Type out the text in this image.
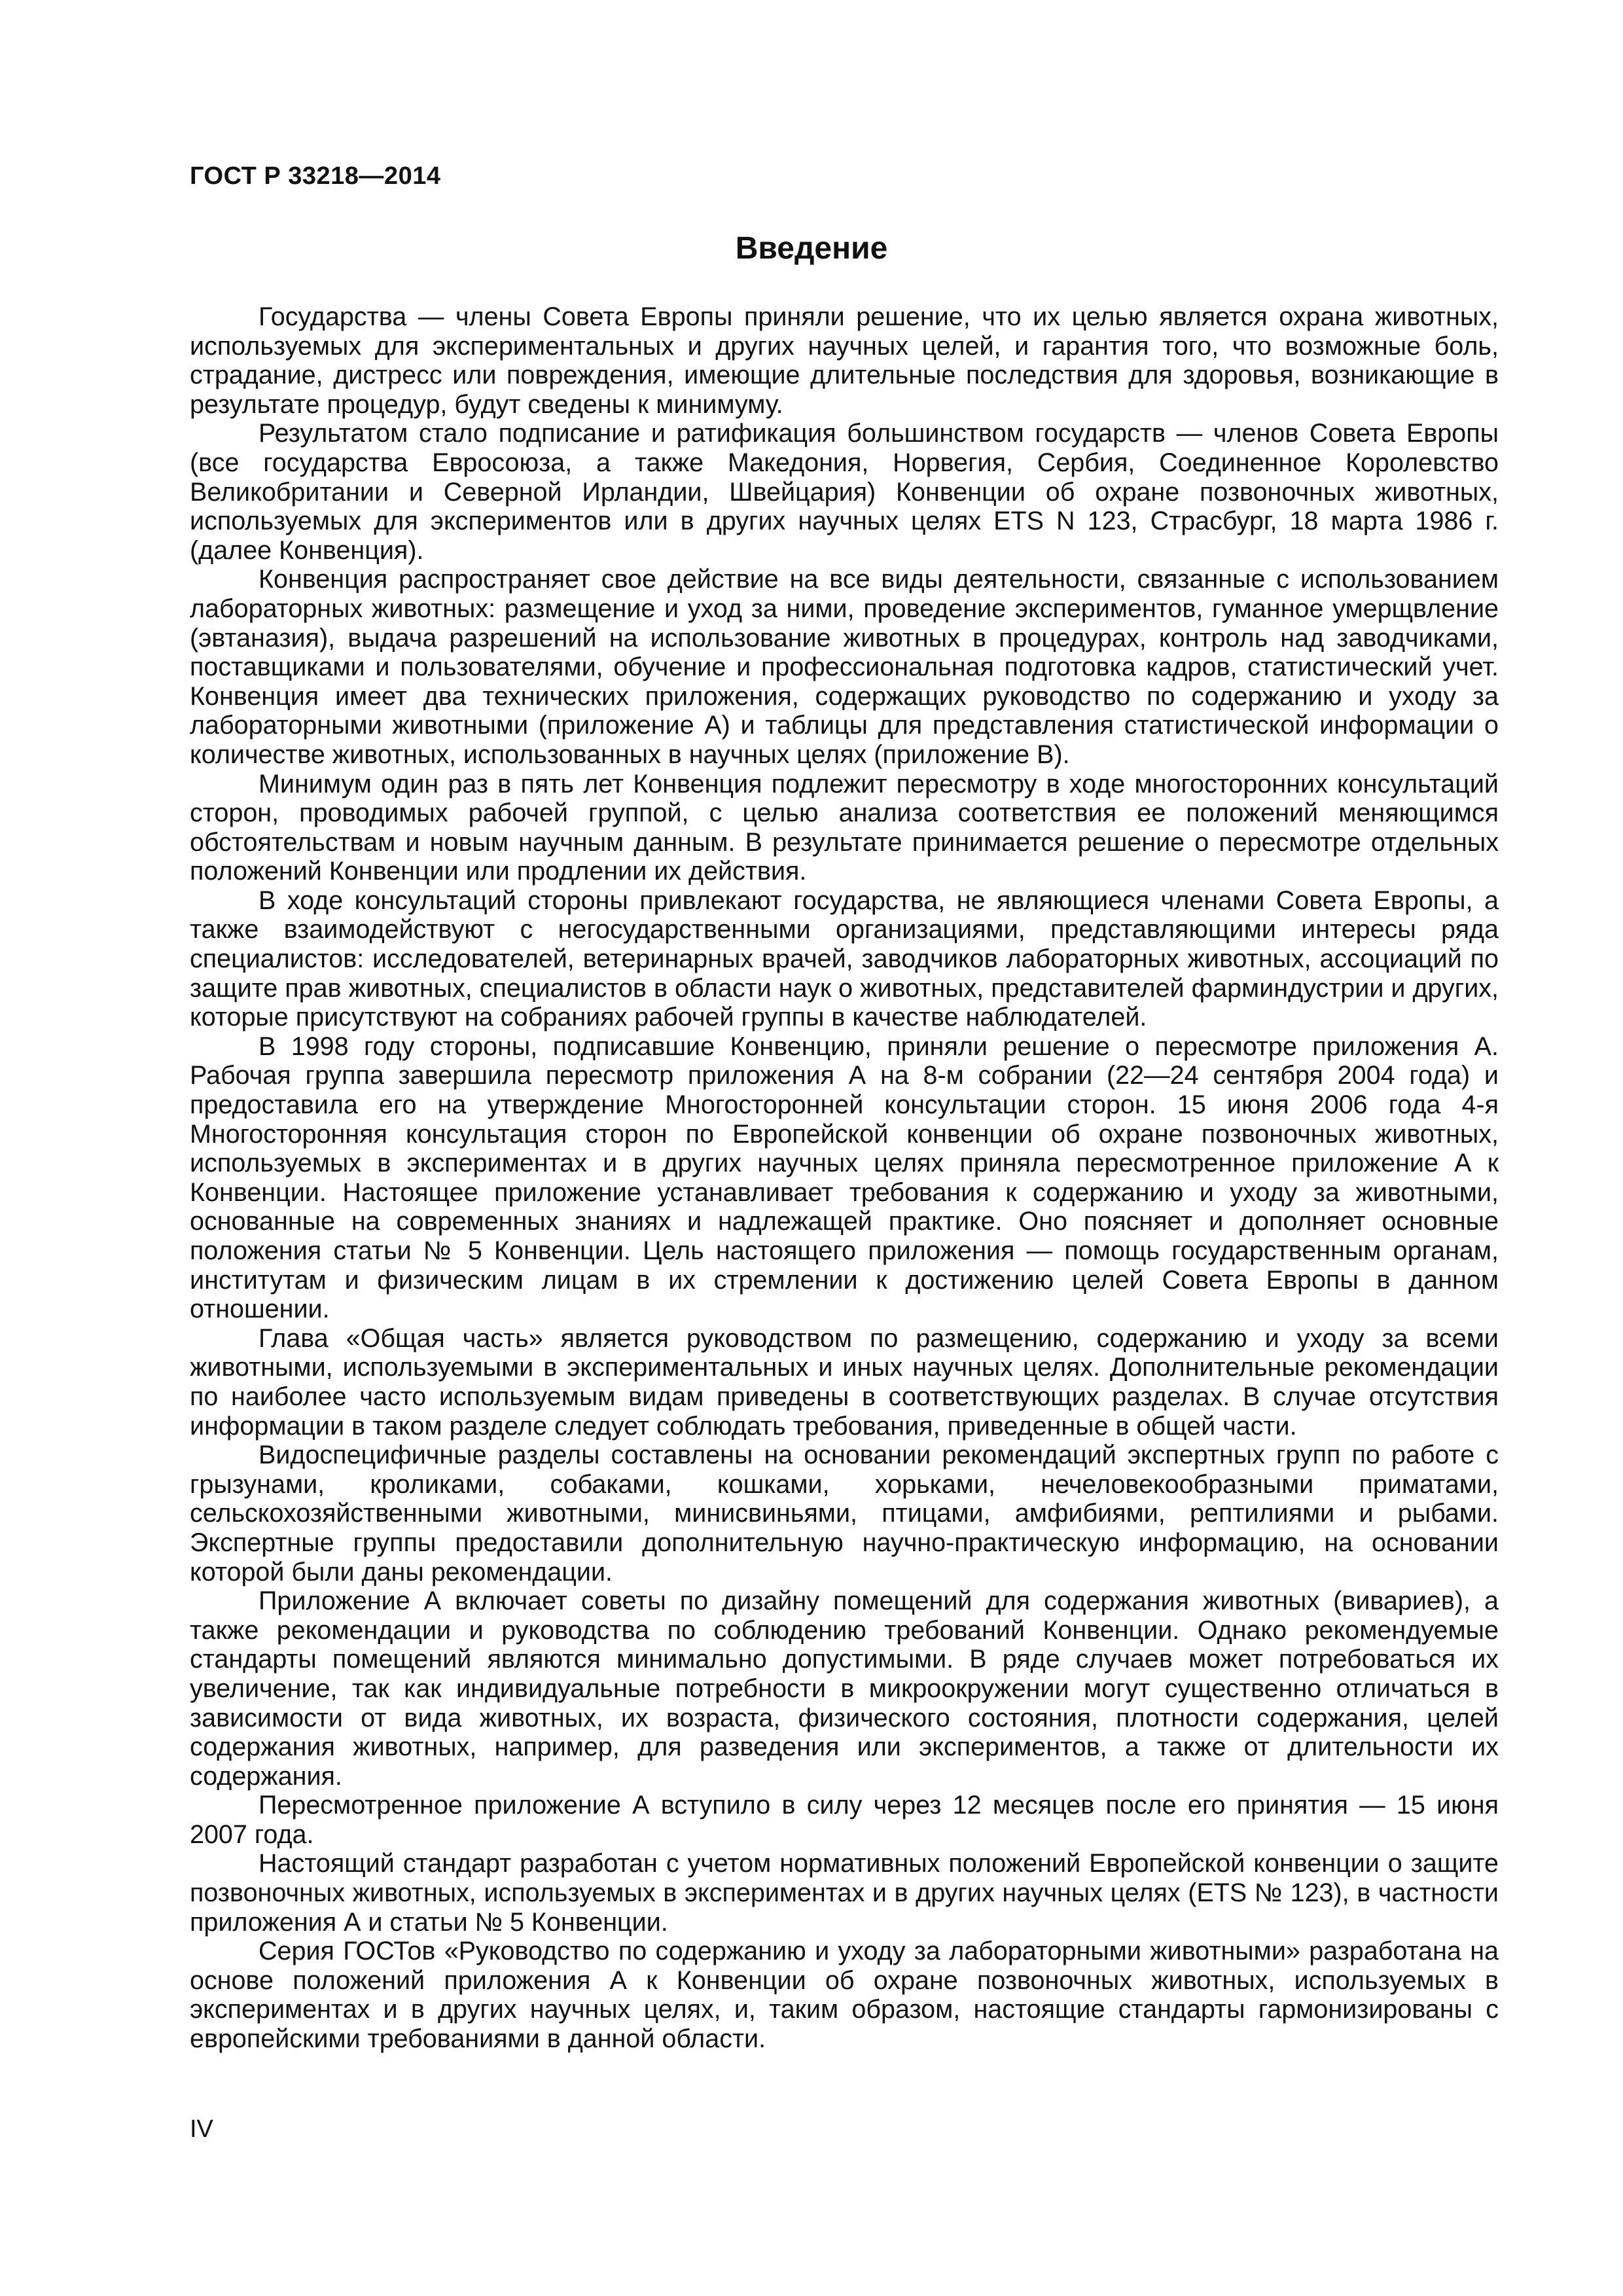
ГОСТ Р 33218—2014
Введение

Государства — члены Совета Европы приняли решение, что их целью является охрана животных, используемых для экспериментальных и других научных целей, и гарантия того, что возможные боль, страдание, дистресс или повреждения, имеющие длительные последствия для здоровья, возникающие в результате процедур, будут сведены к минимуму.

Результатом стало подписание и ратификация большинством государств — членов Совета Европы (все государства Евросоюза, а также Македония, Норвегия, Сербия, Соединенное Королевство Великобритании и Северной Ирландии, Швейцария) Конвенции об охране позвоночных животных, используемых для экспериментов или в других научных целях ETS N 123, Страсбург, 18 марта 1986 г. (далее Конвенция).

Конвенция распространяет свое действие на все виды деятельности, связанные с использованием лабораторных животных: размещение и уход за ними, проведение экспериментов, гуманное умерщвление (эвтаназия), выдача разрешений на использование животных в процедурах, контроль над заводчиками, поставщиками и пользователями, обучение и профессиональная подготовка кадров, статистический учет. Конвенция имеет два технических приложения, содержащих руководство по содержанию и уходу за лабораторными животными (приложение А) и таблицы для представления статистической информации о количестве животных, использованных в научных целях (приложение В).

Минимум один раз в пять лет Конвенция подлежит пересмотру в ходе многосторонних консультаций сторон, проводимых рабочей группой, с целью анализа соответствия ее положений меняющимся обстоятельствам и новым научным данным. В результате принимается решение о пересмотре отдельных положений Конвенции или продлении их действия.

В ходе консультаций стороны привлекают государства, не являющиеся членами Совета Европы, а также взаимодействуют с негосударственными организациями, представляющими интересы ряда специалистов: исследователей, ветеринарных врачей, заводчиков лабораторных животных, ассоциаций по защите прав животных, специалистов в области наук о животных, представителей фарминдустрии и других, которые присутствуют на собраниях рабочей группы в качестве наблюдателей.

В 1998 году стороны, подписавшие Конвенцию, приняли решение о пересмотре приложения А. Рабочая группа завершила пересмотр приложения А на 8-м собрании (22—24 сентября 2004 года) и предоставила его на утверждение Многосторонней консультации сторон. 15 июня 2006 года 4-я Многосторонняя консультация сторон по Европейской конвенции об охране позвоночных животных, используемых в экспериментах и в других научных целях приняла пересмотренное приложение А к Конвенции. Настоящее приложение устанавливает требования к содержанию и уходу за животными, основанные на современных знаниях и надлежащей практике. Оно поясняет и дополняет основные положения статьи № 5 Конвенции. Цель настоящего приложения — помощь государственным органам, институтам и физическим лицам в их стремлении к достижению целей Совета Европы в данном отношении.

Глава «Общая часть» является руководством по размещению, содержанию и уходу за всеми животными, используемыми в экспериментальных и иных научных целях. Дополнительные рекомендации по наиболее часто используемым видам приведены в соответствующих разделах. В случае отсутствия информации в таком разделе следует соблюдать требования, приведенные в общей части.

Видоспецифичные разделы составлены на основании рекомендаций экспертных групп по работе с грызунами, кроликами, собаками, кошками, хорьками, нечеловекообразными приматами, сельскохозяйственными животными, минисвиньями, птицами, амфибиями, рептилиями и рыбами. Экспертные группы предоставили дополнительную научно-практическую информацию, на основании которой были даны рекомендации.

Приложение А включает советы по дизайну помещений для содержания животных (вивариев), а также рекомендации и руководства по соблюдению требований Конвенции. Однако рекомендуемые стандарты помещений являются минимально допустимыми. В ряде случаев может потребоваться их увеличение, так как индивидуальные потребности в микроокружении могут существенно отличаться в зависимости от вида животных, их возраста, физического состояния, плотности содержания, целей содержания животных, например, для разведения или экспериментов, а также от длительности их содержания.

Пересмотренное приложение А вступило в силу через 12 месяцев после его принятия — 15 июня 2007 года.

Настоящий стандарт разработан с учетом нормативных положений Европейской конвенции о защите позвоночных животных, используемых в экспериментах и в других научных целях (ETS № 123), в частности приложения А и статьи № 5 Конвенции.

Серия ГОСТов «Руководство по содержанию и уходу за лабораторными животными» разработана на основе положений приложения А к Конвенции об охране позвоночных животных, используемых в экспериментах и в других научных целях, и, таким образом, настоящие стандарты гармонизированы с европейскими требованиями в данной области.

IV
